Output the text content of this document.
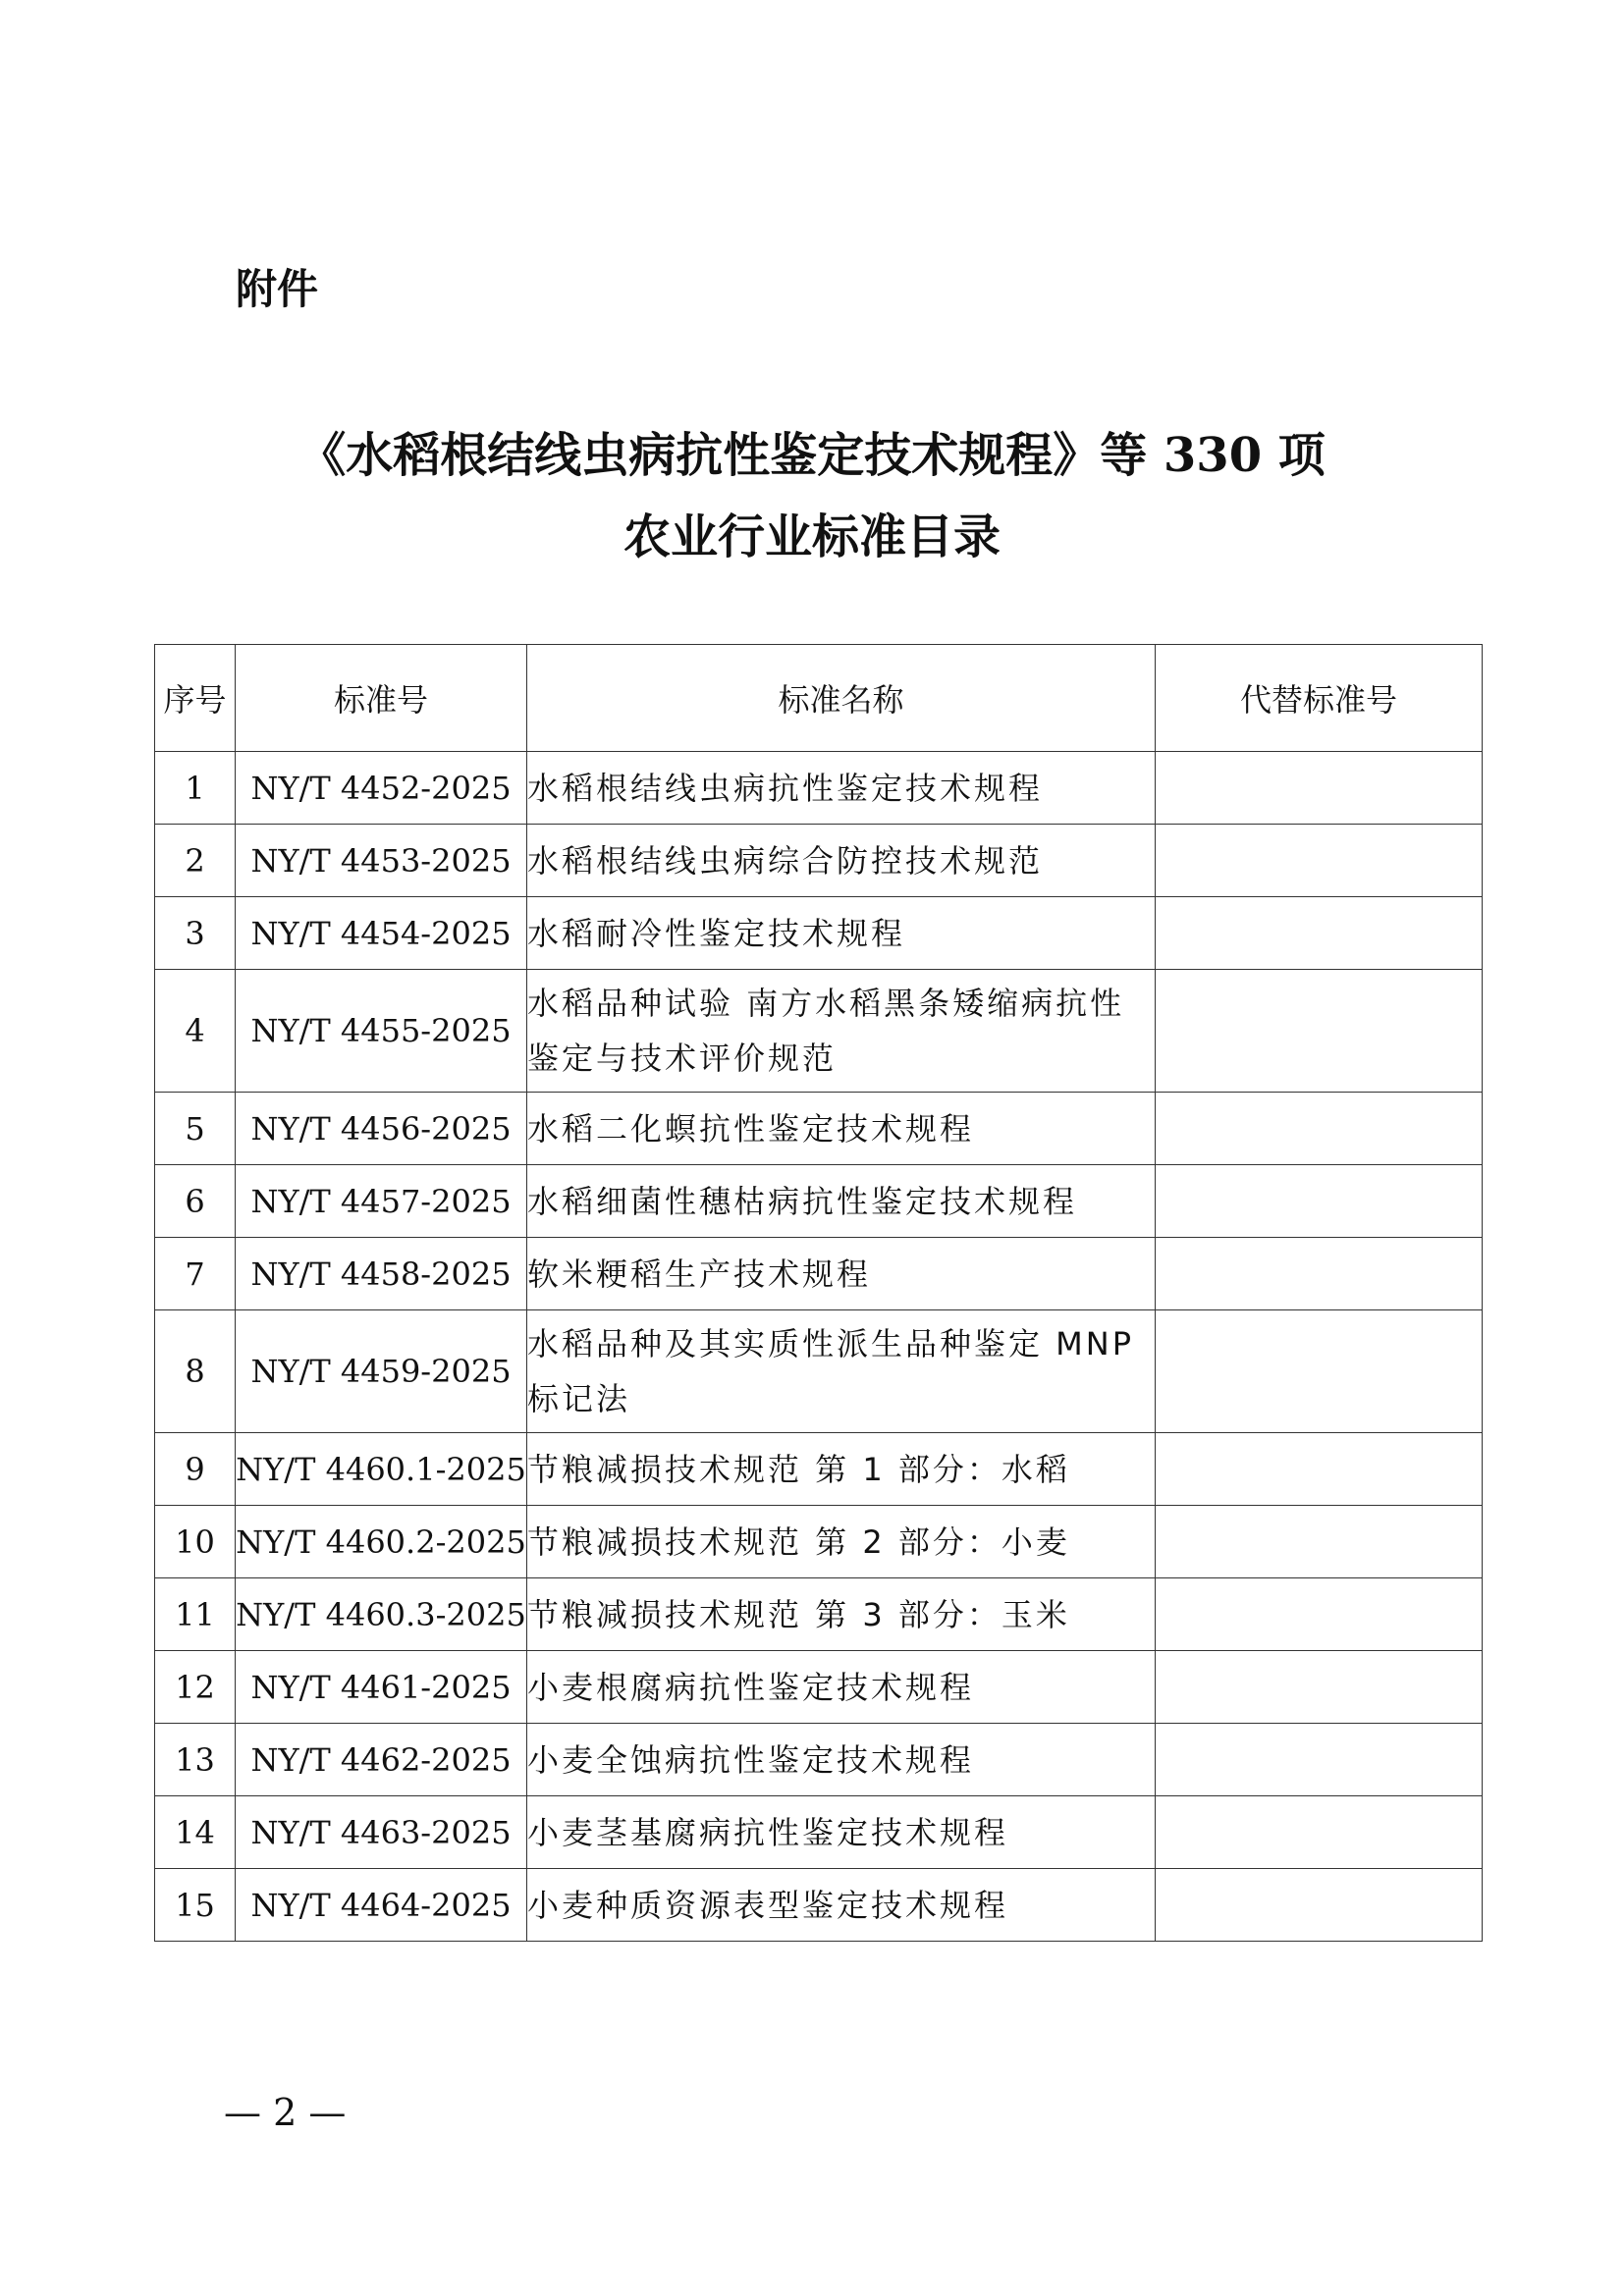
附件
《水稻根结线虫病抗性鉴定技术规程》等 330 项
农业行业标准目录
序号	标准号	标准名称	代替标准号
1	NY/T 4452-2025	水稻根结线虫病抗性鉴定技术规程	
2	NY/T 4453-2025	水稻根结线虫病综合防控技术规范	
3	NY/T 4454-2025	水稻耐冷性鉴定技术规程	
4	NY/T 4455-2025	水稻品种试验 南方水稻黑条矮缩病抗性鉴定与技术评价规范	
5	NY/T 4456-2025	水稻二化螟抗性鉴定技术规程	
6	NY/T 4457-2025	水稻细菌性穗枯病抗性鉴定技术规程	
7	NY/T 4458-2025	软米粳稻生产技术规程	
8	NY/T 4459-2025	水稻品种及其实质性派生品种鉴定 MNP 标记法	
9	NY/T 4460.1-2025	节粮减损技术规范 第 1 部分：水稻	
10	NY/T 4460.2-2025	节粮减损技术规范 第 2 部分：小麦	
11	NY/T 4460.3-2025	节粮减损技术规范 第 3 部分：玉米	
12	NY/T 4461-2025	小麦根腐病抗性鉴定技术规程	
13	NY/T 4462-2025	小麦全蚀病抗性鉴定技术规程	
14	NY/T 4463-2025	小麦茎基腐病抗性鉴定技术规程	
15	NY/T 4464-2025	小麦种质资源表型鉴定技术规程	
— 2 —
